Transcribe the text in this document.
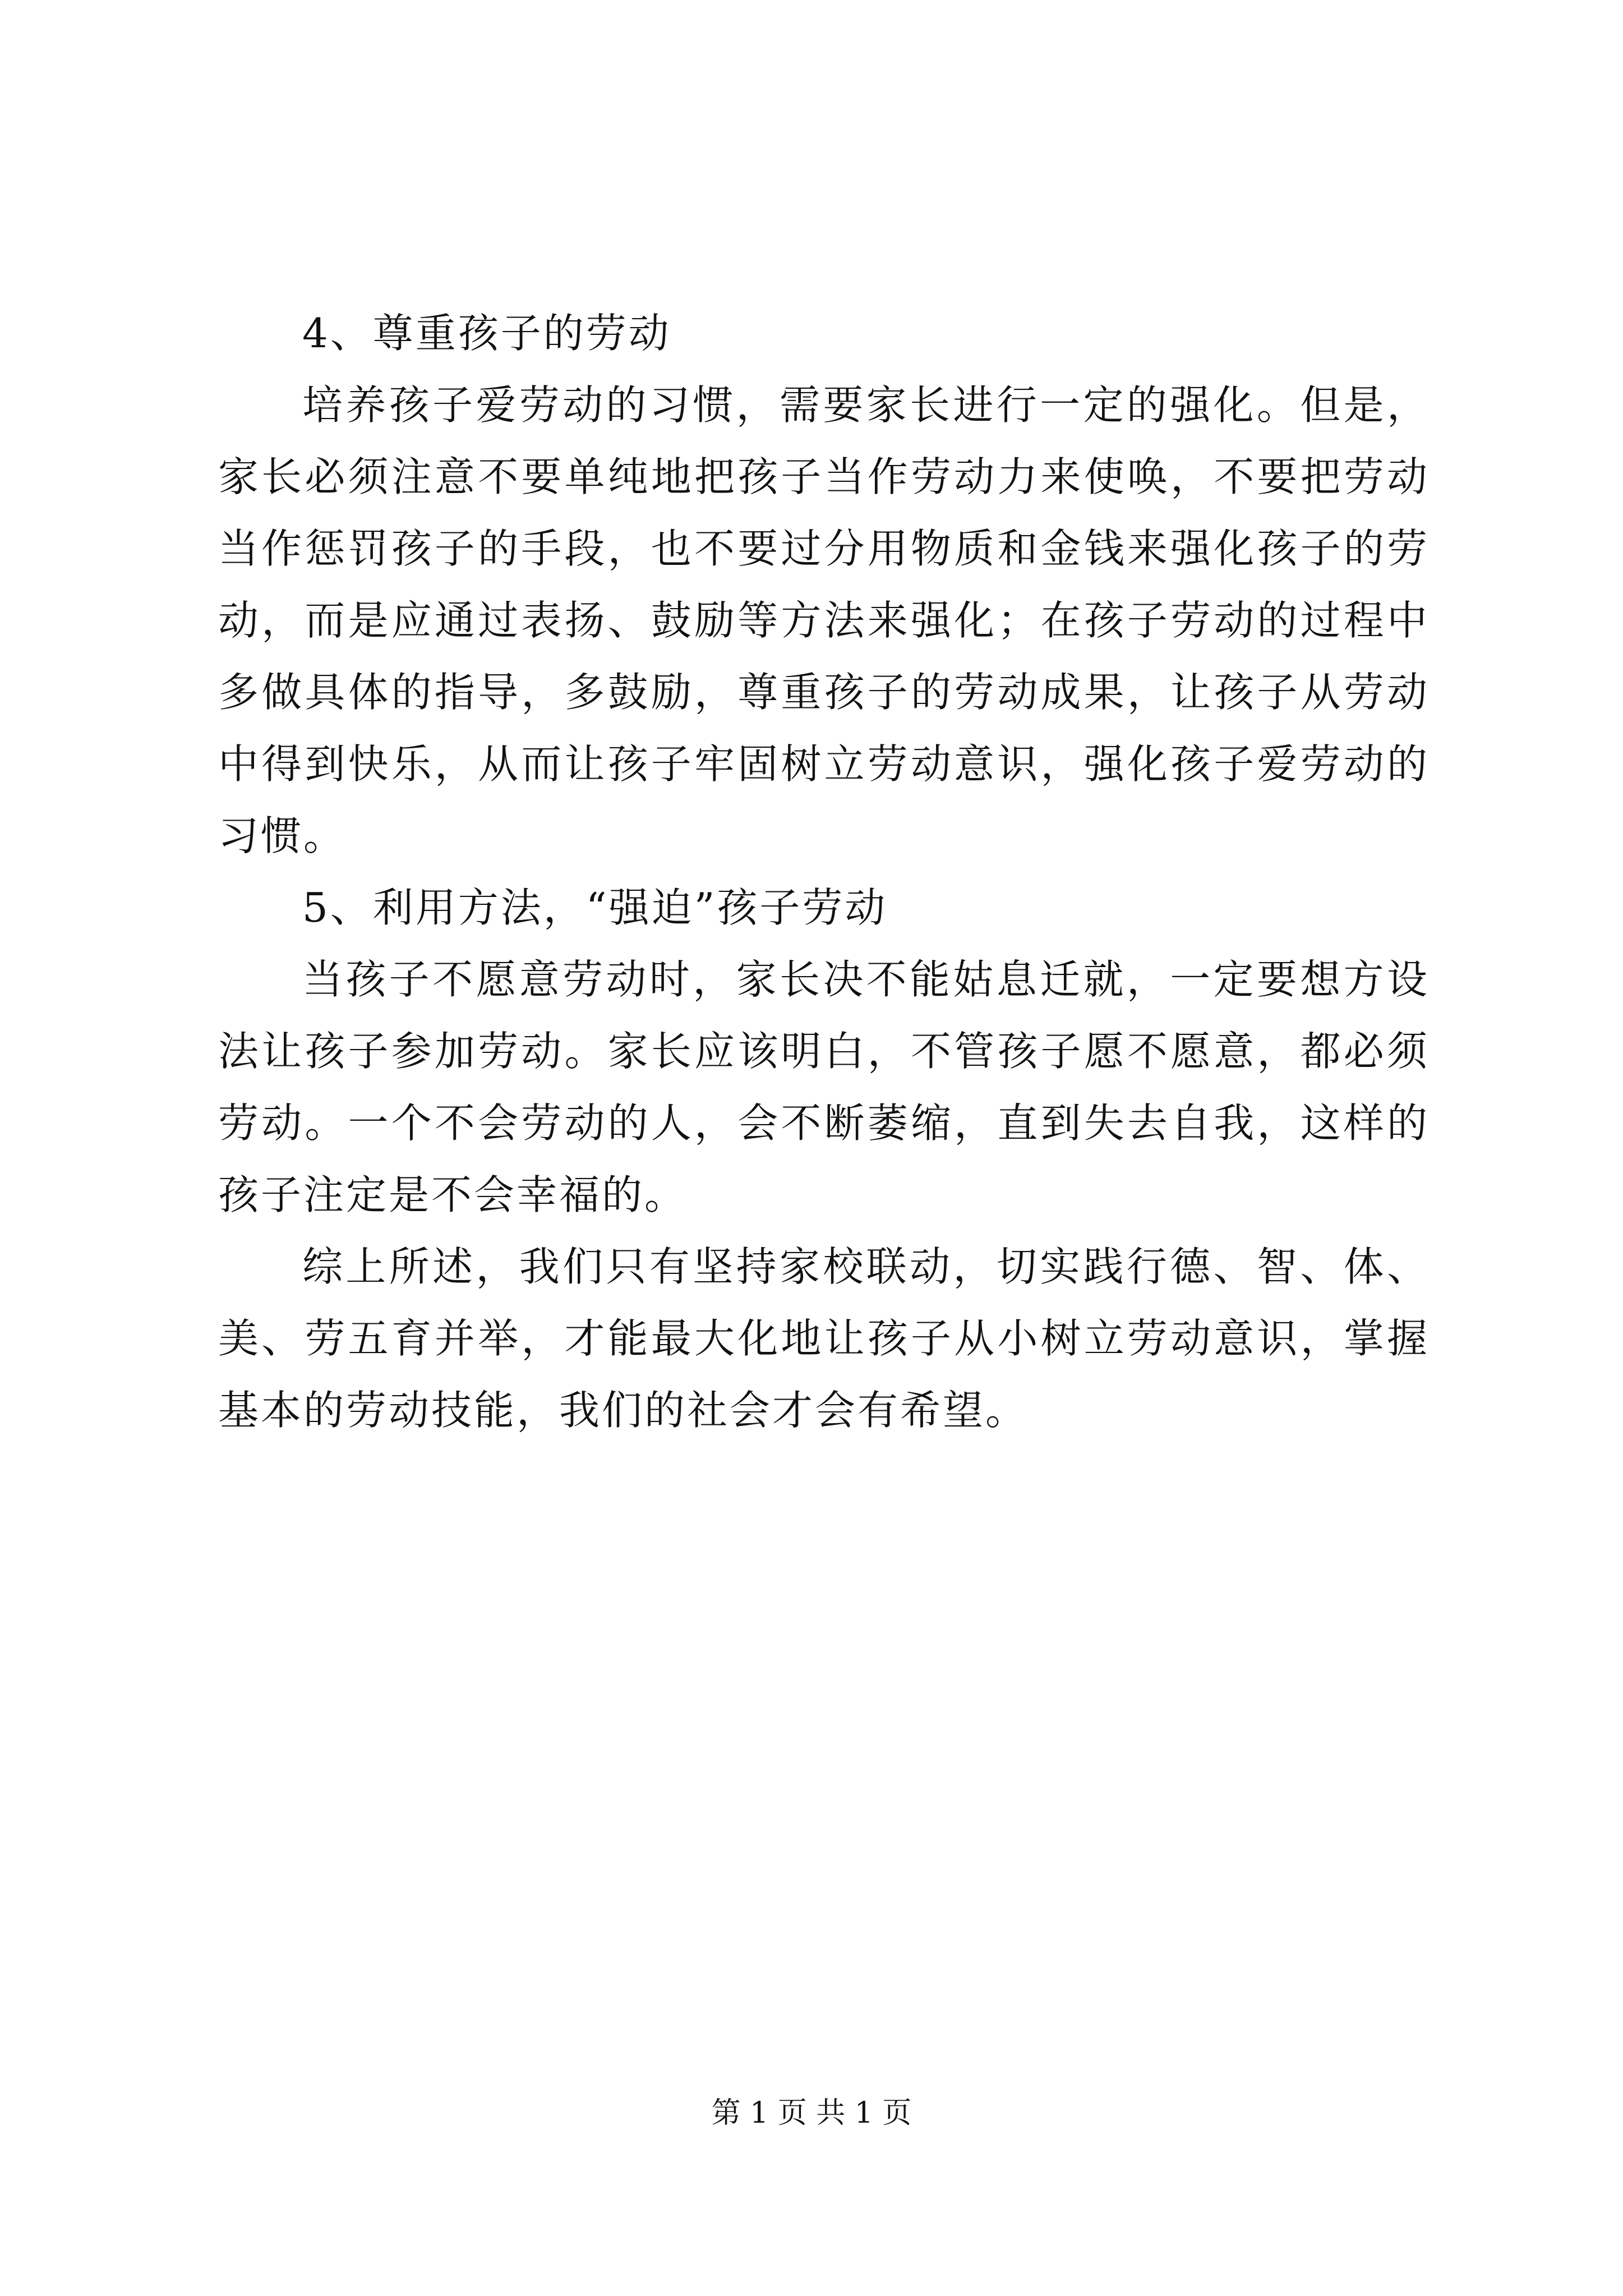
4、尊重孩子的劳动

培养孩子爱劳动的习惯，需要家长进行一定的强化。但是，家长必须注意不要单纯地把孩子当作劳动力来使唤，不要把劳动当作惩罚孩子的手段，也不要过分用物质和金钱来强化孩子的劳动，而是应通过表扬、鼓励等方法来强化；在孩子劳动的过程中多做具体的指导，多鼓励，尊重孩子的劳动成果，让孩子从劳动中得到快乐，从而让孩子牢固树立劳动意识，强化孩子爱劳动的习惯。

5、利用方法，“强迫”孩子劳动

当孩子不愿意劳动时，家长决不能姑息迁就，一定要想方设法让孩子参加劳动。家长应该明白，不管孩子愿不愿意，都必须劳动。一个不会劳动的人，会不断萎缩，直到失去自我，这样的孩子注定是不会幸福的。

综上所述，我们只有坚持家校联动，切实践行德、智、体、美、劳五育并举，才能最大化地让孩子从小树立劳动意识，掌握基本的劳动技能，我们的社会才会有希望。

第 1 页 共 1 页
